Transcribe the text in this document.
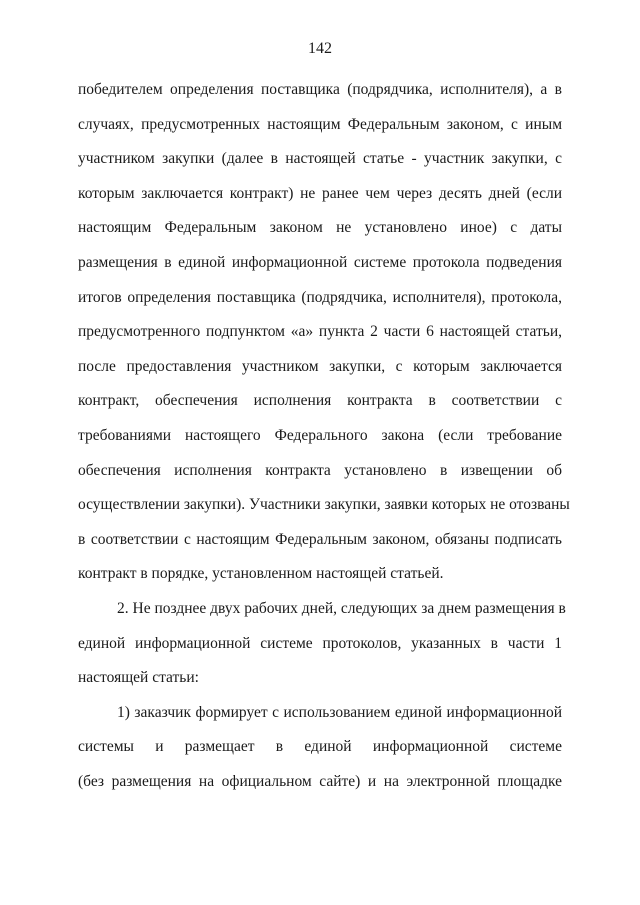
142
победителем определения поставщика (подрядчика, исполнителя), а в
случаях, предусмотренных настоящим Федеральным законом, с иным
участником закупки (далее в настоящей статье - участник закупки, с
которым заключается контракт) не ранее чем через десять дней (если
настоящим Федеральным законом не установлено иное) с даты
размещения в единой информационной системе протокола подведения
итогов определения поставщика (подрядчика, исполнителя), протокола,
предусмотренного подпунктом «а» пункта 2 части 6 настоящей статьи,
после предоставления участником закупки, с которым заключается
контракт, обеспечения исполнения контракта в соответствии с
требованиями настоящего Федерального закона (если требование
обеспечения исполнения контракта установлено в извещении об
осуществлении закупки). Участники закупки, заявки которых не отозваны
в соответствии с настоящим Федеральным законом, обязаны подписать
контракт в порядке, установленном настоящей статьей.
2. Не позднее двух рабочих дней, следующих за днем размещения в
единой информационной системе протоколов, указанных в части 1
настоящей статьи:
1) заказчик формирует с использованием единой информационной
системы и размещает в единой информационной системе
(без размещения на официальном сайте) и на электронной площадке
